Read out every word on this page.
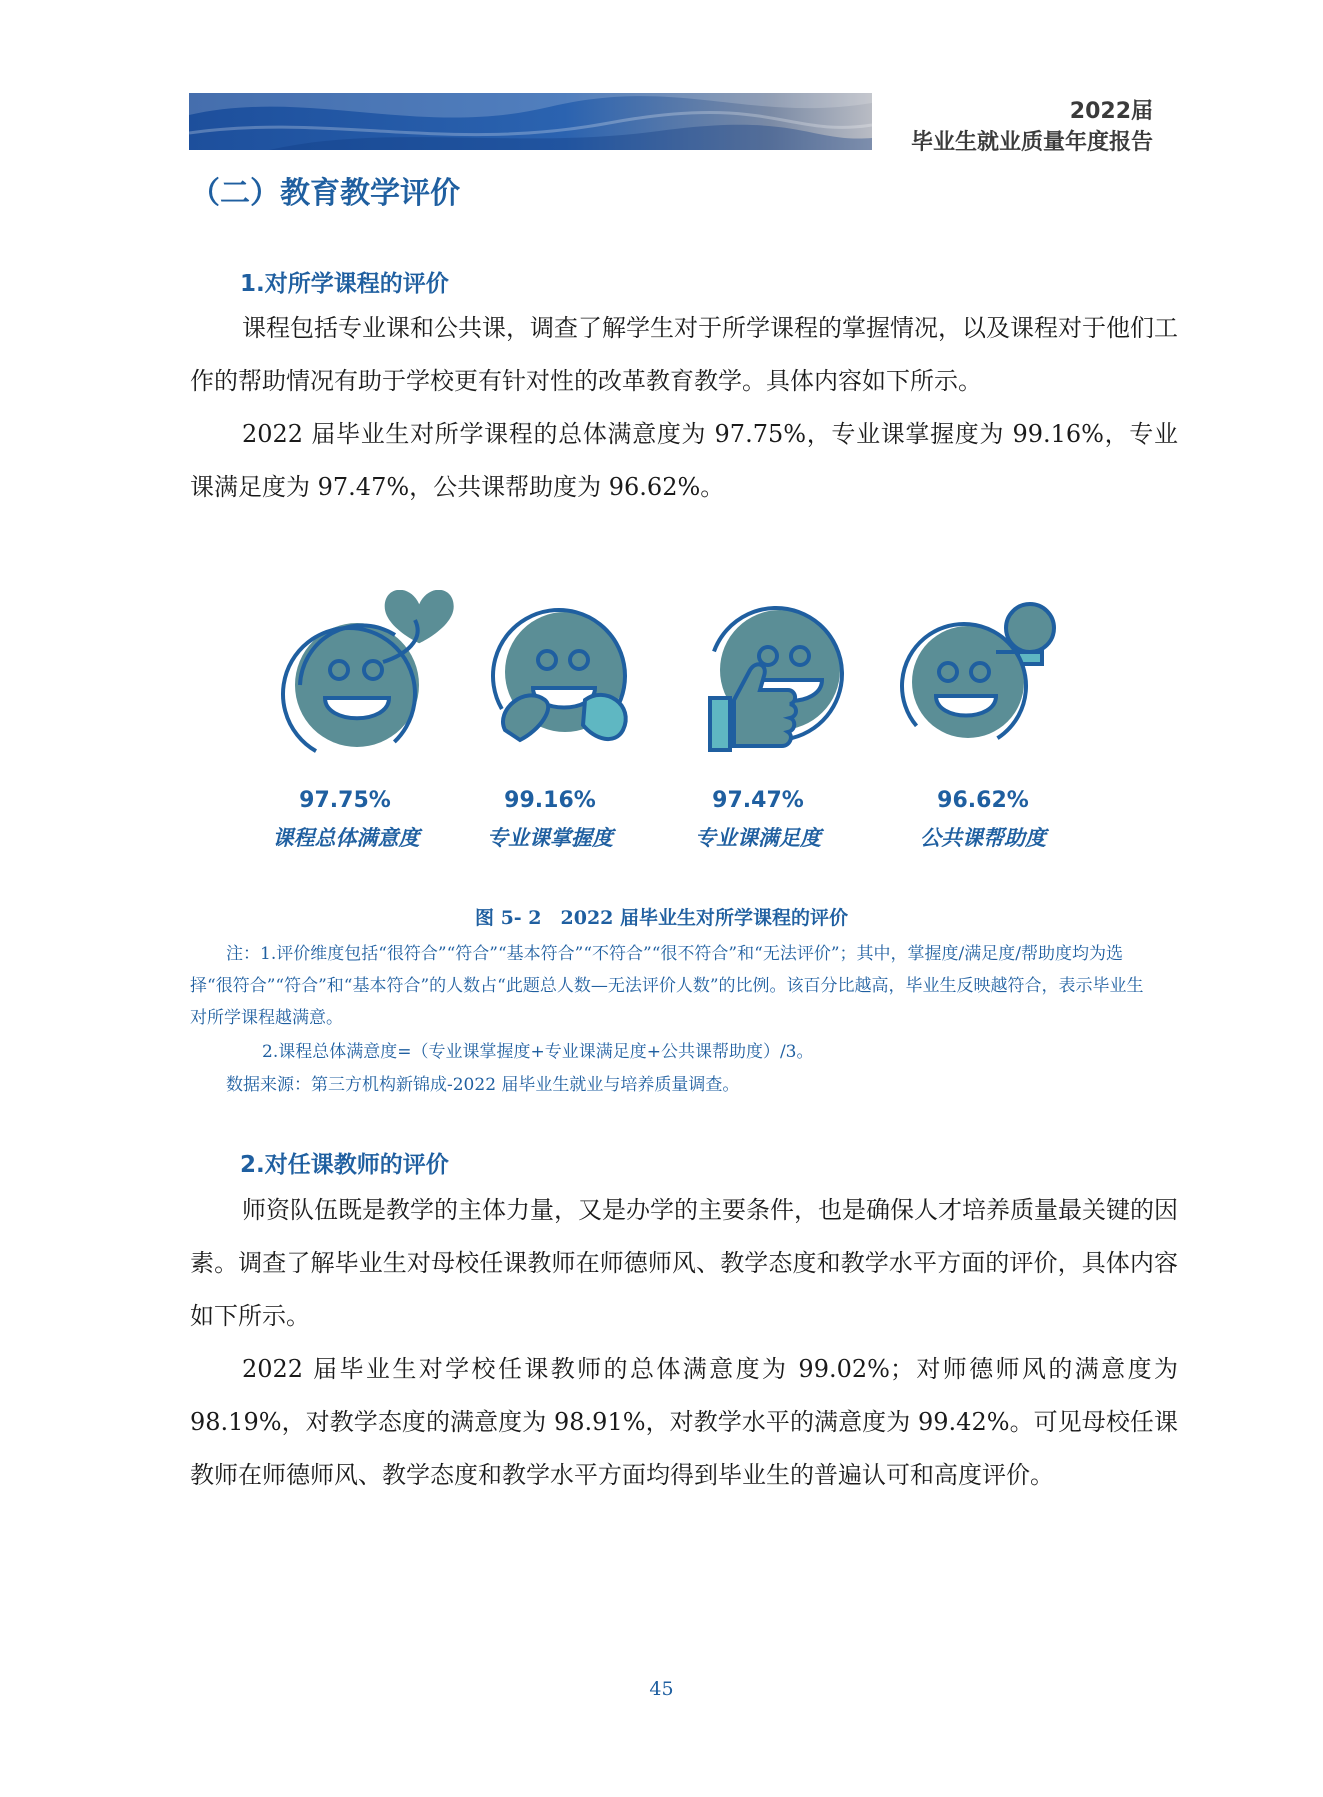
2022届
毕业生就业质量年度报告
（二）教育教学评价
1.对所学课程的评价
课程包括专业课和公共课，调查了解学生对于所学课程的掌握情况，以及课程对于他们工作的帮助情况有助于学校更有针对性的改革教育教学。具体内容如下所示。
2022 届毕业生对所学课程的总体满意度为 97.75%，专业课掌握度为 99.16%，专业课满足度为 97.47%，公共课帮助度为 96.62%。
97.75%	99.16%	97.47%	96.62%
课程总体满意度	专业课掌握度	专业课满足度	公共课帮助度
图 5- 2　2022 届毕业生对所学课程的评价
注：1.评价维度包括“很符合”“符合”“基本符合”“不符合”“很不符合”和“无法评价”；其中，掌握度/满足度/帮助度均为选择“很符合”“符合”和“基本符合”的人数占“此题总人数—无法评价人数”的比例。该百分比越高，毕业生反映越符合，表示毕业生对所学课程越满意。
2.课程总体满意度=（专业课掌握度+专业课满足度+公共课帮助度）/3。
数据来源：第三方机构新锦成-2022 届毕业生就业与培养质量调查。
2.对任课教师的评价
师资队伍既是教学的主体力量，又是办学的主要条件，也是确保人才培养质量最关键的因素。调查了解毕业生对母校任课教师在师德师风、教学态度和教学水平方面的评价，具体内容如下所示。
2022 届毕业生对学校任课教师的总体满意度为 99.02%；对师德师风的满意度为 98.19%，对教学态度的满意度为 98.91%，对教学水平的满意度为 99.42%。可见母校任课教师在师德师风、教学态度和教学水平方面均得到毕业生的普遍认可和高度评价。
45
